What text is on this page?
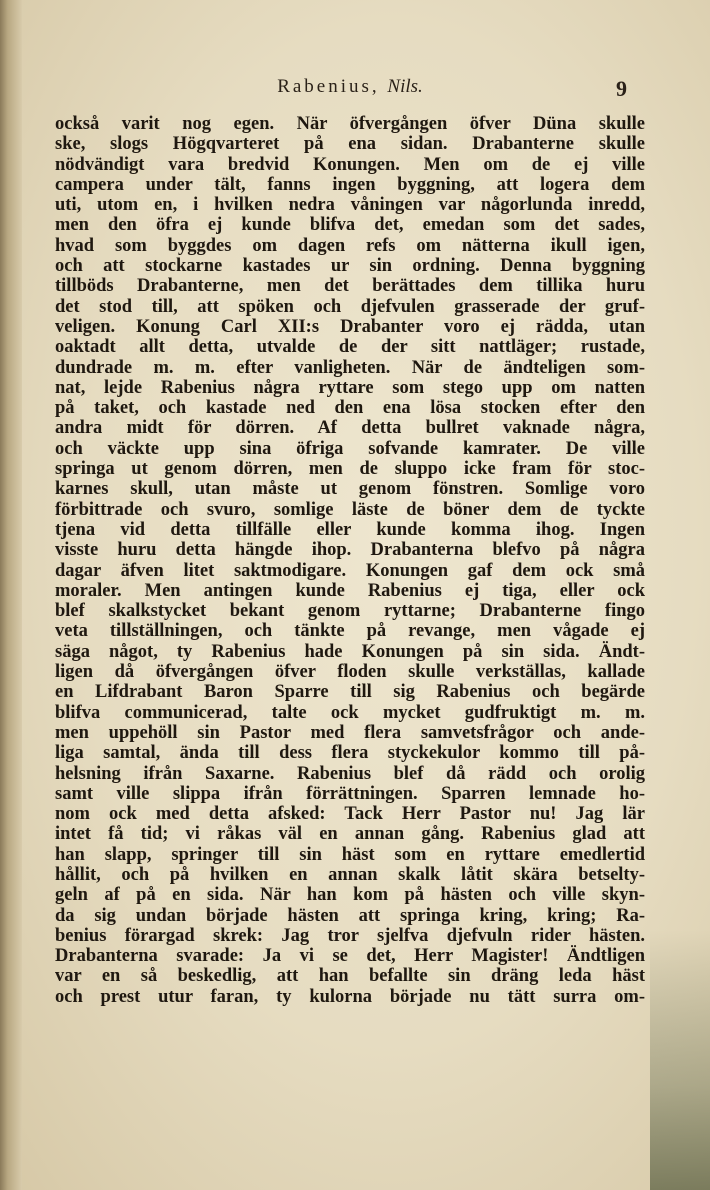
Rabenius, Nils.	9
också varit nog egen. När öfvergången öfver Düna skulle
ske, slogs Högqvarteret på ena sidan. Drabanterne skulle
nödvändigt vara bredvid Konungen. Men om de ej ville
campera under tält, fanns ingen byggning, att logera dem
uti, utom en, i hvilken nedra våningen var någorlunda inredd,
men den öfra ej kunde blifva det, emedan som det sades,
hvad som byggdes om dagen refs om nätterna ikull igen,
och att stockarne kastades ur sin ordning. Denna byggning
tillböds Drabanterne, men det berättades dem tillika huru
det stod till, att spöken och djefvulen grasserade der gruf-
veligen. Konung Carl XII:s Drabanter voro ej rädda, utan
oaktadt allt detta, utvalde de der sitt nattläger; rustade,
dundrade m. m. efter vanligheten. När de ändteligen som-
nat, lejde Rabenius några ryttare som stego upp om natten
på taket, och kastade ned den ena lösa stocken efter den
andra midt för dörren. Af detta bullret vaknade några,
och väckte upp sina öfriga sofvande kamrater. De ville
springa ut genom dörren, men de sluppo icke fram för stoc-
karnes skull, utan måste ut genom fönstren. Somlige voro
förbittrade och svuro, somlige läste de böner dem de tyckte
tjena vid detta tillfälle eller kunde komma ihog. Ingen
visste huru detta hängde ihop. Drabanterna blefvo på några
dagar äfven litet saktmodigare. Konungen gaf dem ock små
moraler. Men antingen kunde Rabenius ej tiga, eller ock
blef skalkstycket bekant genom ryttarne; Drabanterne fingo
veta tillställningen, och tänkte på revange, men vågade ej
säga något, ty Rabenius hade Konungen på sin sida. Ändt-
ligen då öfvergången öfver floden skulle verkställas, kallade
en Lifdrabant Baron Sparre till sig Rabenius och begärde
blifva communicerad, talte ock mycket gudfruktigt m. m.
men uppehöll sin Pastor med flera samvetsfrågor och ande-
liga samtal, ända till dess flera styckekulor kommo till på-
helsning ifrån Saxarne. Rabenius blef då rädd och orolig
samt ville slippa ifrån förrättningen. Sparren lemnade ho-
nom ock med detta afsked: Tack Herr Pastor nu! Jag lär
intet få tid; vi råkas väl en annan gång. Rabenius glad att
han slapp, springer till sin häst som en ryttare emedlertid
hållit, och på hvilken en annan skalk låtit skära betselty-
geln af på en sida. När han kom på hästen och ville skyn-
da sig undan började hästen att springa kring, kring; Ra-
benius förargad skrek: Jag tror sjelfva djefvuln rider hästen.
Drabanterna svarade: Ja vi se det, Herr Magister! Ändtligen
var en så beskedlig, att han befallte sin dräng leda häst
och prest utur faran, ty kulorna började nu tätt surra om-
